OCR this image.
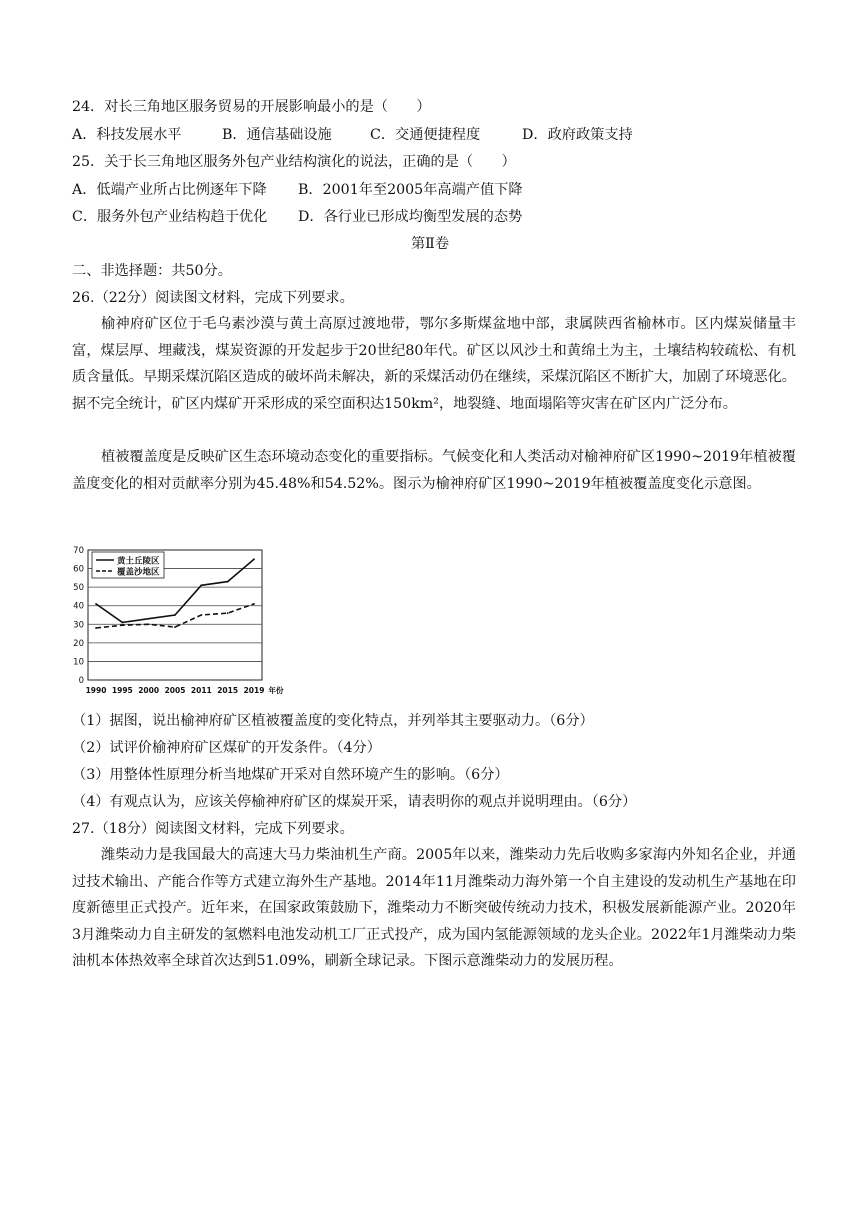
24．对长三角地区服务贸易的开展影响最小的是（　　）
A．科技发展水平	B．通信基础设施	C．交通便捷程度	D．政府政策支持
25．关于长三角地区服务外包产业结构演化的说法，正确的是（　　）
A．低端产业所占比例逐年下降 B．2001年至2005年高端产值下降
C．服务外包产业结构趋于优化 D．各行业已形成均衡型发展的态势
第Ⅱ卷
二、非选择题：共50分。
26.（22分）阅读图文材料，完成下列要求。
榆神府矿区位于毛乌素沙漠与黄土高原过渡地带，鄂尔多斯煤盆地中部，隶属陕西省榆林市。区内煤炭储量丰富，煤层厚、埋藏浅，煤炭资源的开发起步于20世纪80年代。矿区以风沙土和黄绵土为主，土壤结构较疏松、有机质含量低。早期采煤沉陷区造成的破坏尚未解决，新的采煤活动仍在继续，采煤沉陷区不断扩大，加剧了环境恶化。据不完全统计，矿区内煤矿开采形成的采空面积达150km²，地裂缝、地面塌陷等灾害在矿区内广泛分布。
植被覆盖度是反映矿区生态环境动态变化的重要指标。气候变化和人类活动对榆神府矿区1990~2019年植被覆盖度变化的相对贡献率分别为45.48%和54.52%。图示为榆神府矿区1990~2019年植被覆盖度变化示意图。
0
10
20
30
40
50
60
70
1990 1995 2000 2005 2011 2015 2019 年份
黄土丘陵区
覆盖沙地区
（1）据图，说出榆神府矿区植被覆盖度的变化特点，并列举其主要驱动力。（6分）
（2）试评价榆神府矿区煤矿的开发条件。（4分）
（3）用整体性原理分析当地煤矿开采对自然环境产生的影响。（6分）
（4）有观点认为，应该关停榆神府矿区的煤炭开采，请表明你的观点并说明理由。（6分）
27.（18分）阅读图文材料，完成下列要求。
潍柴动力是我国最大的高速大马力柴油机生产商。2005年以来，潍柴动力先后收购多家海内外知名企业，并通过技术输出、产能合作等方式建立海外生产基地。2014年11月潍柴动力海外第一个自主建设的发动机生产基地在印度新德里正式投产。近年来，在国家政策鼓励下，潍柴动力不断突破传统动力技术，积极发展新能源产业。2020年3月潍柴动力自主研发的氢燃料电池发动机工厂正式投产，成为国内氢能源领域的龙头企业。2022年1月潍柴动力柴油机本体热效率全球首次达到51.09%，刷新全球记录。下图示意潍柴动力的发展历程。
